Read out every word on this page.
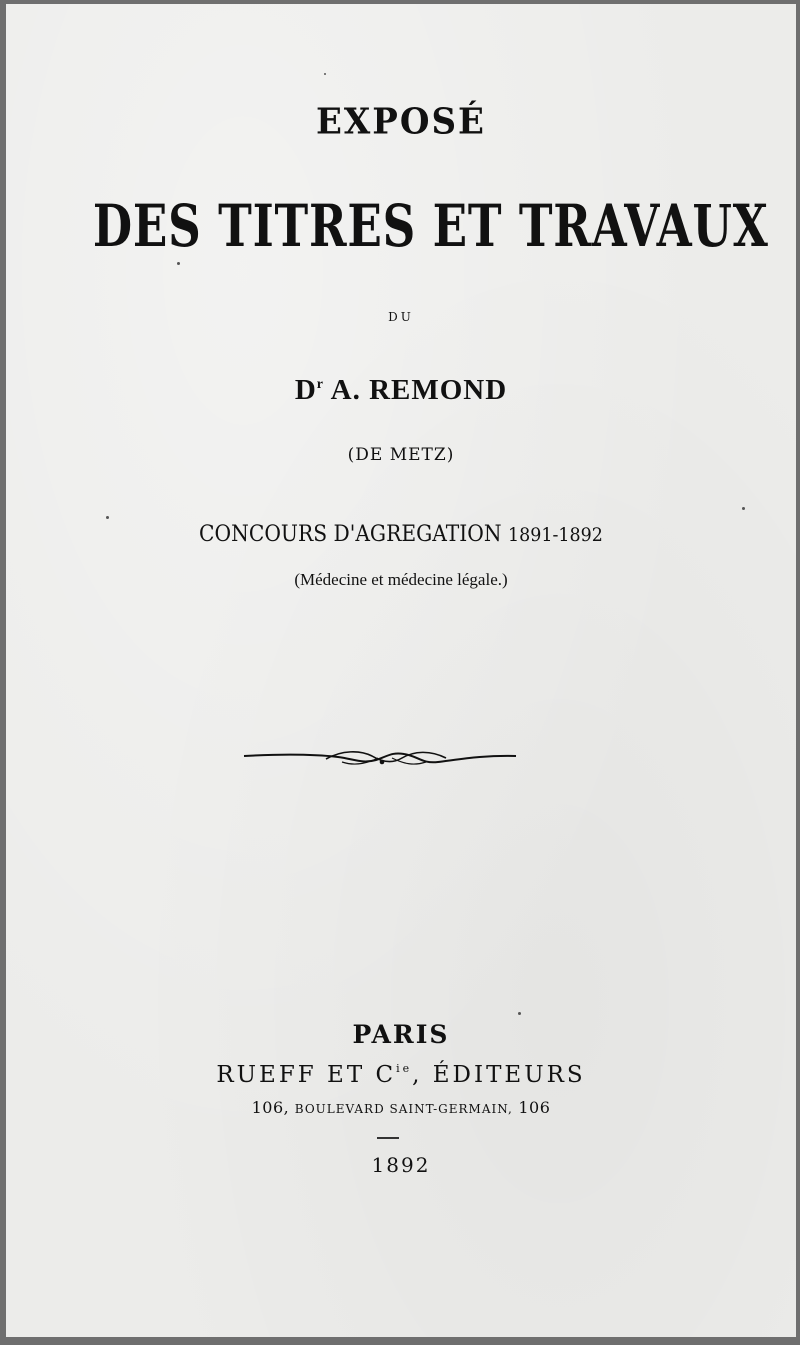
EXPOSÉ
DES TITRES ET TRAVAUX
DU
$D^r$ A. REMOND
(DE METZ)
CONCOURS D'AGREGATION 1891-1892
(Médecine et médecine légale.)
PARIS
RUEFF ET $C^{ie}$, ÉDITEURS
106, BOULEVARD SAINT-GERMAIN, 106
1892
